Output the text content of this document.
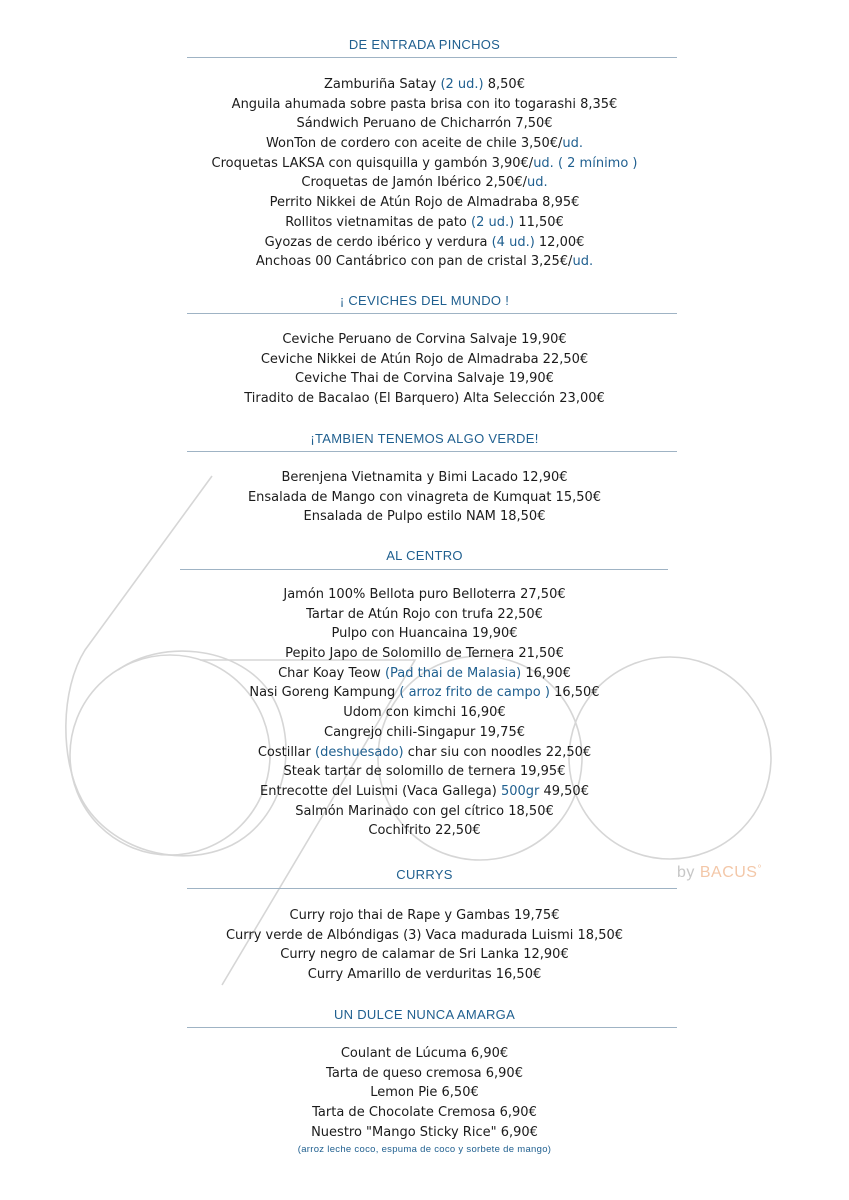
by BACUS°
DE ENTRADA PINCHOS
Zamburiña Satay (2 ud.) 8,50€
Anguila ahumada sobre pasta brisa con ito togarashi 8,35€
Sándwich Peruano de Chicharrón 7,50€
WonTon de cordero con aceite de chile 3,50€/ud.
Croquetas LAKSA con quisquilla y gambón 3,90€/ud. ( 2 mínimo )
Croquetas de Jamón Ibérico 2,50€/ud.
Perrito Nikkei de Atún Rojo de Almadraba 8,95€
Rollitos vietnamitas de pato (2 ud.) 11,50€
Gyozas de cerdo ibérico y verdura (4 ud.) 12,00€
Anchoas 00 Cantábrico con pan de cristal 3,25€/ud.
¡ CEVICHES DEL MUNDO !
Ceviche Peruano de Corvina Salvaje 19,90€
Ceviche Nikkei de Atún Rojo de Almadraba 22,50€
Ceviche Thai de Corvina Salvaje 19,90€
Tiradito de Bacalao (El Barquero) Alta Selección 23,00€
¡TAMBIEN TENEMOS ALGO VERDE!
Berenjena Vietnamita y Bimi Lacado 12,90€
Ensalada de Mango con vinagreta de Kumquat 15,50€
Ensalada de Pulpo estilo NAM 18,50€
AL CENTRO
Jamón 100% Bellota puro Belloterra 27,50€
Tartar de Atún Rojo con trufa 22,50€
Pulpo con Huancaina 19,90€
Pepito Japo de Solomillo de Ternera 21,50€
Char Koay Teow (Pad thai de Malasia) 16,90€
Nasi Goreng Kampung ( arroz frito de campo ) 16,50€
Udom con kimchi 16,90€
Cangrejo chili-Singapur 19,75€
Costillar (deshuesado) char siu con noodles 22,50€
Steak tartar de solomillo de ternera 19,95€
Entrecotte del Luismi (Vaca Gallega) 500gr 49,50€
Salmón Marinado con gel cítrico 18,50€
Cochifrito 22,50€
CURRYS
Curry rojo thai de Rape y Gambas 19,75€
Curry verde de Albóndigas (3) Vaca madurada Luismi 18,50€
Curry negro de calamar de Sri Lanka 12,90€
Curry Amarillo de verduritas 16,50€
UN DULCE NUNCA AMARGA
Coulant de Lúcuma 6,90€
Tarta de queso cremosa 6,90€
Lemon Pie 6,50€
Tarta de Chocolate Cremosa 6,90€
Nuestro "Mango Sticky Rice" 6,90€
(arroz leche coco, espuma de coco y sorbete de mango)
